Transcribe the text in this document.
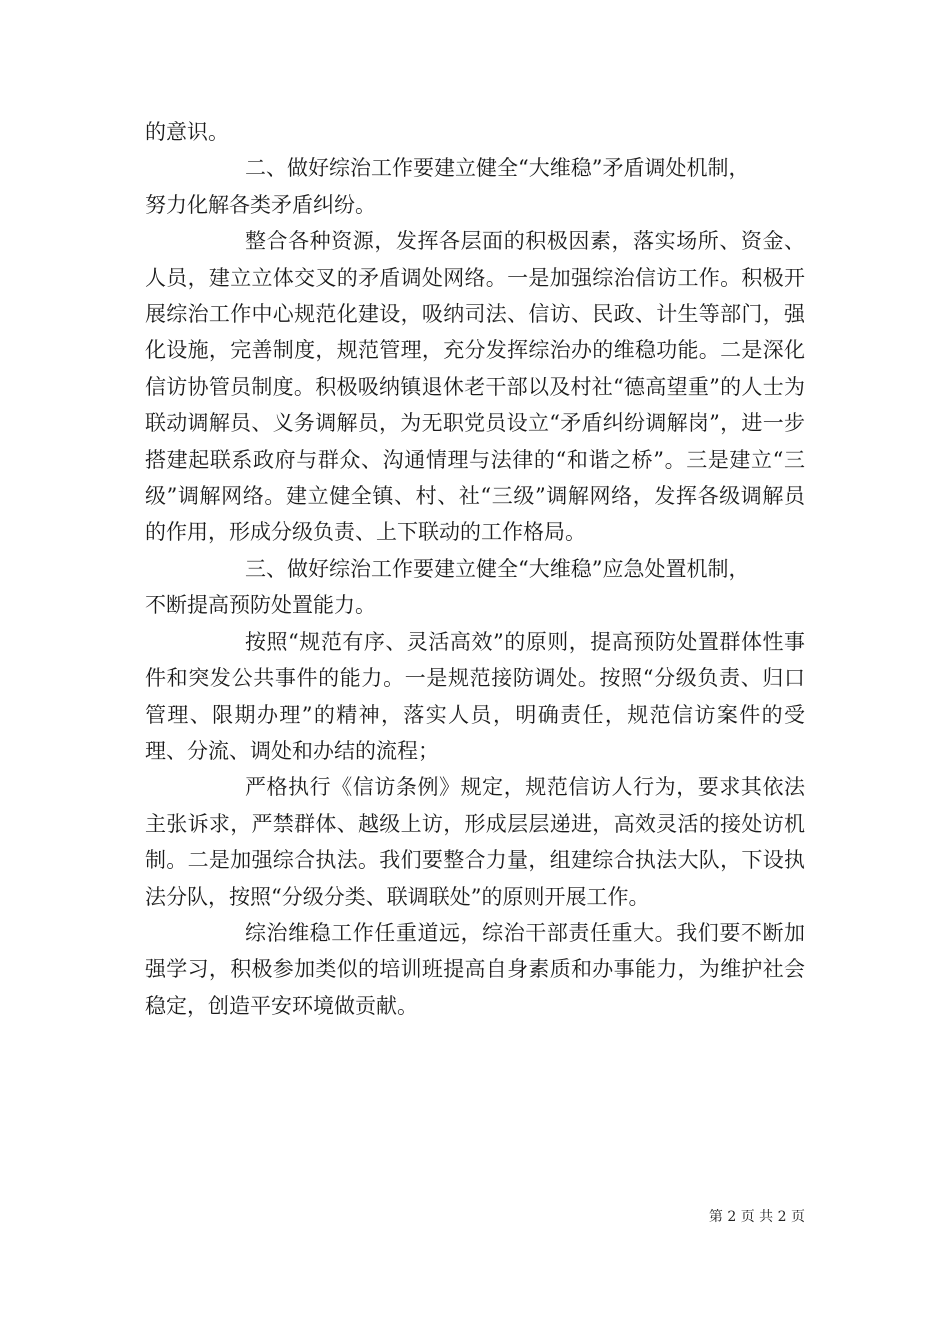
的意识。

二、做好综治工作要建立健全“大维稳”矛盾调处机制，
努力化解各类矛盾纠纷。

整合各种资源，发挥各层面的积极因素，落实场所、资金、人员，建立立体交叉的矛盾调处网络。一是加强综治信访工作。积极开展综治工作中心规范化建设，吸纳司法、信访、民政、计生等部门，强化设施，完善制度，规范管理，充分发挥综治办的维稳功能。二是深化信访协管员制度。积极吸纳镇退休老干部以及村社“德高望重”的人士为联动调解员、义务调解员，为无职党员设立“矛盾纠纷调解岗”，进一步搭建起联系政府与群众、沟通情理与法律的“和谐之桥”。三是建立“三级”调解网络。建立健全镇、村、社“三级”调解网络，发挥各级调解员的作用，形成分级负责、上下联动的工作格局。

三、做好综治工作要建立健全“大维稳”应急处置机制，
不断提高预防处置能力。

按照“规范有序、灵活高效”的原则，提高预防处置群体性事件和突发公共事件的能力。一是规范接防调处。按照“分级负责、归口管理、限期办理”的精神，落实人员，明确责任，规范信访案件的受理、分流、调处和办结的流程；

严格执行《信访条例》规定，规范信访人行为，要求其依法主张诉求，严禁群体、越级上访，形成层层递进，高效灵活的接处访机制。二是加强综合执法。我们要整合力量，组建综合执法大队，下设执法分队，按照“分级分类、联调联处”的原则开展工作。

综治维稳工作任重道远，综治干部责任重大。我们要不断加强学习，积极参加类似的培训班提高自身素质和办事能力，为维护社会稳定，创造平安环境做贡献。

第 2 页 共 2 页
